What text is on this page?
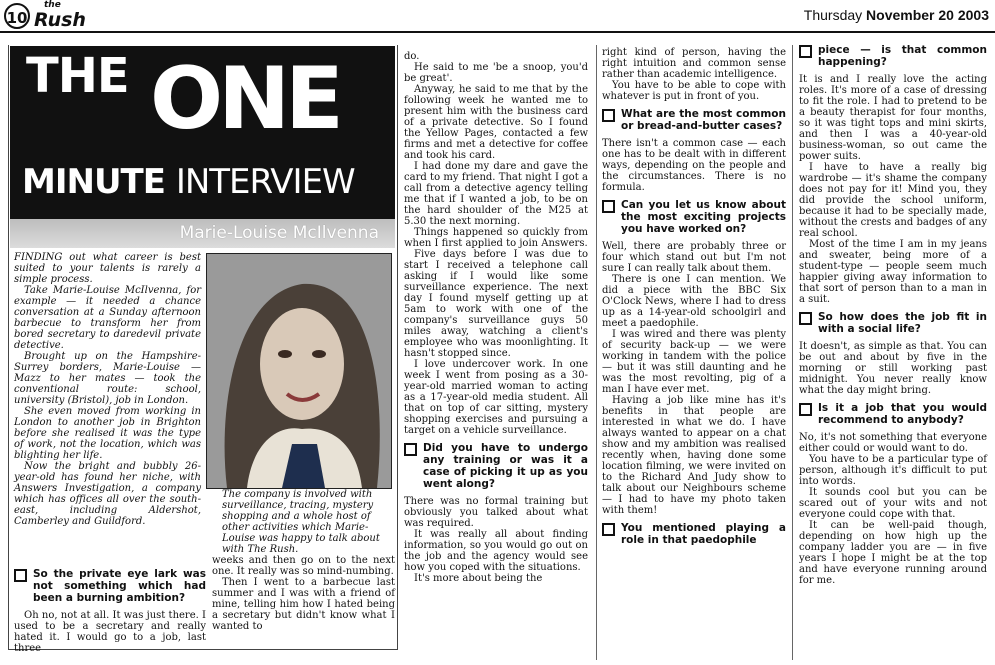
10
the
Rush	Thursday November 20 2003
THE ONE
MINUTE INTERVIEW
Marie-Louise McIlvenna

FINDING out what career is best suited to your talents is rarely a simple process.

Take Marie-Louise McIlvenna, for example — it needed a chance conversation at a Sunday afternoon barbecue to transform her from bored secretary to daredevil private detective.

Brought up on the Hampshire-Surrey borders, Marie-Louise — Mazz to her mates — took the conventional route: school, university (Bristol), job in London.

She even moved from working in London to another job in Brighton before she realised it was the type of work, not the location, which was blighting her life.

Now the bright and bubbly 26-year-old has found her niche, with Answers Investigation, a company which has offices all over the south-east, including Aldershot, Camberley and Guildford.

The company is involved with surveillance, tracing, mystery shopping and a whole host of other activities which Marie-Louise was happy to talk about with The Rush.
So the private eye lark was not something which had been a burning ambition?

Oh no, not at all. It was just there. I used to be a secretary and really hated it. I would go to a job, last three

weeks and then go on to the next one. It really was so mind-numbing.

Then I went to a barbecue last summer and I was with a friend of mine, telling him how I hated being a secretary but didn't know what I wanted to

do.

He said to me 'be a snoop, you'd be great'.

Anyway, he said to me that by the following week he wanted me to present him with the business card of a private detective. So I found the Yellow Pages, contacted a few firms and met a detective for coffee and took his card.

I had done my dare and gave the card to my friend. That night I got a call from a detective agency telling me that if I wanted a job, to be on the hard shoulder of the M25 at 5.30 the next morning.

Things happened so quickly from when I first applied to join Answers.

Five days before I was due to start I received a telephone call asking if I would like some surveillance experience. The next day I found myself getting up at 5am to work with one of the company's surveillance guys 50 miles away, watching a client's employee who was moonlighting. It hasn't stopped since.

I love undercover work. In one week I went from posing as a 30-year-old married woman to acting as a 17-year-old media student. All that on top of car sitting, mystery shopping exercises and pursuing a target on a vehicle surveillance.

Did you have to undergo any training or was it a case of picking it up as you went along?

There was no formal training but obviously you talked about what was required.

It was really all about finding information, so you would go out on the job and the agency would see how you coped with the situations.

It's more about being the

right kind of person, having the right intuition and common sense rather than academic intelligence.

You have to be able to cope with whatever is put in front of you.

What are the most common or bread-and-butter cases?

There isn't a common case — each one has to be dealt with in different ways, depending on the people and the circumstances. There is no formula.

Can you let us know about the most exciting projects you have worked on?

Well, there are probably three or four which stand out but I'm not sure I can really talk about them.

There is one I can mention. We did a piece with the BBC Six O'Clock News, where I had to dress up as a 14-year-old schoolgirl and meet a paedophile.

I was wired and there was plenty of security back-up — we were working in tandem with the police — but it was still daunting and he was the most revolting, pig of a man I have ever met.

Having a job like mine has it's benefits in that people are interested in what we do. I have always wanted to appear on a chat show and my ambition was realised recently when, having done some location filming, we were invited on to the Richard And Judy show to talk about our Neighbours scheme — I had to have my photo taken with them!

You mentioned playing a role in that paedophile
piece — is that common happening?

It is and I really love the acting roles. It's more of a case of dressing to fit the role. I had to pretend to be a beauty therapist for four months, so it was tight tops and mini skirts, and then I was a 40-year-old business-woman, so out came the power suits.

I have to have a really big wardrobe — it's shame the company does not pay for it! Mind you, they did provide the school uniform, because it had to be specially made, without the crests and badges of any real school.

Most of the time I am in my jeans and sweater, being more of a student-type — people seem much happier giving away information to that sort of person than to a man in a suit.

So how does the job fit in with a social life?

It doesn't, as simple as that. You can be out and about by five in the morning or still working past midnight. You never really know what the day might bring.

Is it a job that you would recommend to anybody?

No, it's not something that everyone either could or would want to do.

You have to be a particular type of person, although it's difficult to put into words.

It sounds cool but you can be scared out of your wits and not everyone could cope with that.

It can be well-paid though, depending on how high up the company ladder you are — in five years I hope I might be at the top and have everyone running around for me.
